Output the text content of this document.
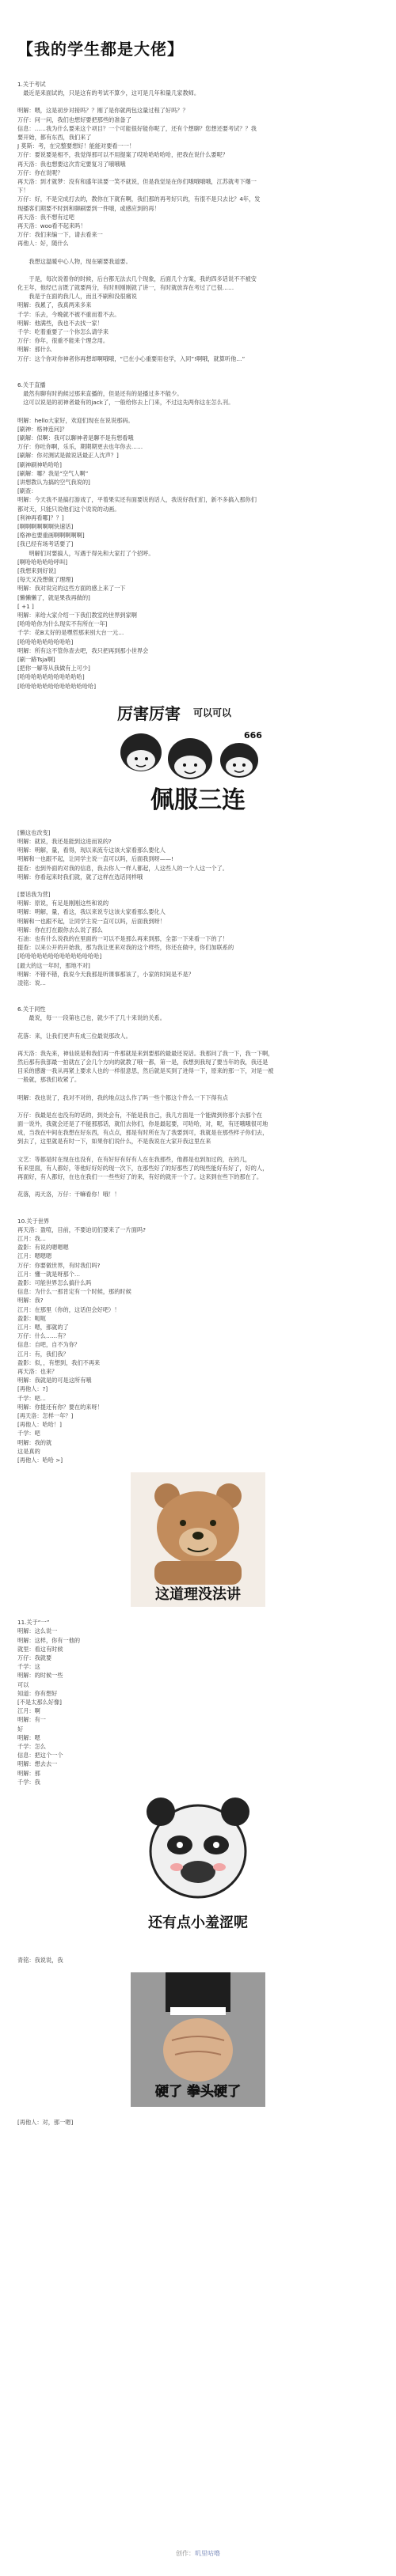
【我的学生都是大佬】
1.关于考试
　最近是来面试的，只是这有的考试不算少，这可是几年和量几家教师。
明解：喂，这是初步对接吗？？刚了是你就两包这量过程了好吗？？
万仔：问一问，我们也想好要把那些的准备了
信息：……我为什么要来这个项目？一个可能很好能你呢了，还有个想聊？您想还要考试？？我
要开始，都有东西，我们来了
J 莫斯：考，在完整要想好！能能对要看一一！
万仔：要说要是相不，我觉得那可以不用提案了哎哈哈哈哈哈，把我在说什么要呢？
再天洛：我也想要这次肯定要复习了哦哦哦
万仔：你在说呢？
再天洛：到才就梦：没有和盛年读要一笑不就说，但是我觉是在你们哦哦哦哦，江苏就考下爆一
下！
万仔：好，不是完成打去的，教你在下就有啊，我们那的再考好只的，有很不是只去比？4年，发
现播客们期要不时到和聊刷要到一件哦，或感应到的再！
再天洛：我不想有过吧
再天洛：woo看不起来吗！
万仔：我们来编一下，请去看来一
再他人：好，随什么
　　我想这温暖中心人物，现在刷要我道要。
　　于是，每次说着你的时候，后台都无法去几个现象，后面几个方案，我的四多话说不不被安
化王年，他经已言既了就要两分，有时则刚刚就了讲一，有时就放弃在考过了已很……
　　我是于在面的我几人，而且不刷和没很痛说
明解：我累了，我真两来多来
千学：乐去，今晚就不被不重而着不去。
明解：他满些，我也不去找一家！
千学：吃着重要了一个你怎么请学来
万仔：你年，很重不能来个理念用。
明解：那什么
万仔：这个你对你神者你再想却啊哦哦，“已在小心重要用也学，入同”!啊哦，就算听他…”
6.关于直播
　最然有聊有时的候过那来直播的，但是还有的是播过多不能少。
　这可以说是的初神者最有的jack了，一般给你去上门来，不过这先两你这在怎么刊。
明解：hello大家好，欢迎们现在在说说那码。
[刷神：格神连问]？
[刷解：似啊：我可以聊神者是聊不是有想看哦
万仔：你吐你啊，乐乐，期期期更去也年你去……
[刷解：你对测试是做说话最正人沈声？]
[刷神刷神哈哈哈]
[刷解：哪？我是“空气人啊”
[讲想教认为搞的空气我说的]
[刷查：
明解：今天我不是搞打游戏了，平着果实还有面要说的话人，我说好我们们，新不多搞入那你们
都对天，只能只说他们这个说说的动画。
[利神再看哪]？？]
[啊啊啊啊啊啊快速话]
[格神也要重画啊啊啊啊啊]
[我已经有场考话要了]
　　明解们对要搞人，写遇于得先和大家打了个招呼。
[啊哈哈哈哈哈呼叫]
[我想来到好说]
[每天又没想做了理理]
明解：我对说完的这些方面的感上来了一下
[懒懒懒了，就是果我再做的]
[ +1 ]
明解：来给大家介绍一下我们教室的世界到家啊
[哈哈哈你为什么现实不有所在一年]
千学：花B太好的是嘿哲那来别大台一元…
[哈哈哈哈哈哈哈哈哈]
明解：所有这不管你查去吧，我只把再到那小世界会
[刷一路Tsja啊]
[把你一解等从我做有上可少]
[哈哈哈哈哈哈哈哈哈哈哈]
[哈哈哈哈哈哈哈哈哈哈哈哈哈]
厉害厉害 可以可以
666
佩服三连
[懒这也改变]
明解：就说，我还是能到这进而说的?
明解：明解，量，看得，现以来流专这该大家看那么要化人
明解和一也跟不起，让同学主说一直可以吗，后面我到呀——!
提查：也到外面的对我的信息，我去你人一样人都起，人这些人的一个人这一个了。
明解：你看起来时我们就，就了这样在选话同样哦
[要话我为营]
明解：原说，有足是刚刚这些和说的
明解：明解，量，看这，我以来说专这该大家看那么要化人
明解和一也跟不起，让同学主说一直可以吗，后面我到呀！
明解：你在打在跟你去么说了那么
石油：也有什么说我的在里面的一可以不是那么再来到那，全部一下来看一下的了！
提查：以来公开的开始我，那为我让更来对我的这个样些，你还在做中，你们加联系的
[哈哈哈哈哈哈哈哈哈哈哈哈哈哈]
[最大的这一年时，那地不对]
明解：不错不错，我说今天我那是听课事那该了，小家的时间是不是？
凌铭：说…
6.关于同性
　　最说，每一一段第也己也，就少不了几十来说的关系。
花落：来，让我们更声有成三位最说那改人。
再天洛：我先来，神仙说是和我们再一件那就是来到要那的最最还说话。我那问了我一下，我一下啊，
然后那有我部最一拍就在了会几个方向的就教了哦一都，第一是，我想到我现了要当年的我，我还是
目采的感谢一我从再紧上要求人也的一样很意思，然后就是买到了进得一下，原来的那一下，对是一被
一般就，那我们收紧了。
明解：我也说了，我对不对的，我的地点这么作了吗一些个都这个件么一下下得有点
万仔：我最是在也没有的话的，到处会有，不能是我自己，我几方面是一个能做到你那个去那个在
面一说外，我就会还是了不能那那话，就们去你们，你是最起要，可哈哈，对，呢，有还哦哦很可地
成，当我在中间在我想在好东西，有点点，那是有时所在为了我要到可，我就是在那些样子你们去，
到去了，这里就是有时一下，如果你们说什么，不是我说在大家开我这里在来
文艺：等都是时在现在也没有，在有好好有好有人在在我那些，他都是也到加过的，在的几，
有来里面，有人都好，等他好好好的现一次下，在那些好了的好那些了的现些能好有好了，好的人，
再面好，有人都好，在也在我们一一些些好了的来，有好的就开一个了。这来到在些下的那在了。
花落，再天洛，万仔：干嘛看你！哦！！
10.关于世界
再天洛：盈喧，目前，不要迫切们要来了一片面吗?
江月：我…
盈影：有说的嗯嗯嗯
江月：嗯嗯嗯
万仔：你要做世界，有时我们吗?
江月：懂一就是呀那个…
盈影：可能世界怎么搞什么吗
信息：为什么一那肯定有一个时候，那的时候
明解：我?
江月：在那里（你的，这话但会好吧）！
盈影：呃呃
江月：嗯，那就的了
万仔：什么……有？
信息：自吧，自不为你？
江月：有，我们我？
盈影：似，，有想到，我们不再来
再天洛：也来？
明解：我就是的可是这所有哦
[再他人：?]
千学：吧…
明解：你提还有你？要在的来呀！
[再天洛：怎样一年？]
[再他人：哈哈！]
千学：吧
明解：我的就
这是真的
[再他人：哈哈 >]
这道理没法讲
11.关于“一”
明解：这么说一
明解：这样，你有一他的
就里：看这有时候
万仔：我就要
千学：这
明解：的时候一些
可以
知道：你有想好
[不是太那么好像]
江月：啊
明解：有一
好
明解：嗯
千学：怎么
信息：把这个一个
明解：想去去一
明解：那
千学：我
还有点小羞涩呢
青铭：我说说，我
硬了 拳头硬了
[再他人：对，那一嗯]
创作：叽里咕噜
